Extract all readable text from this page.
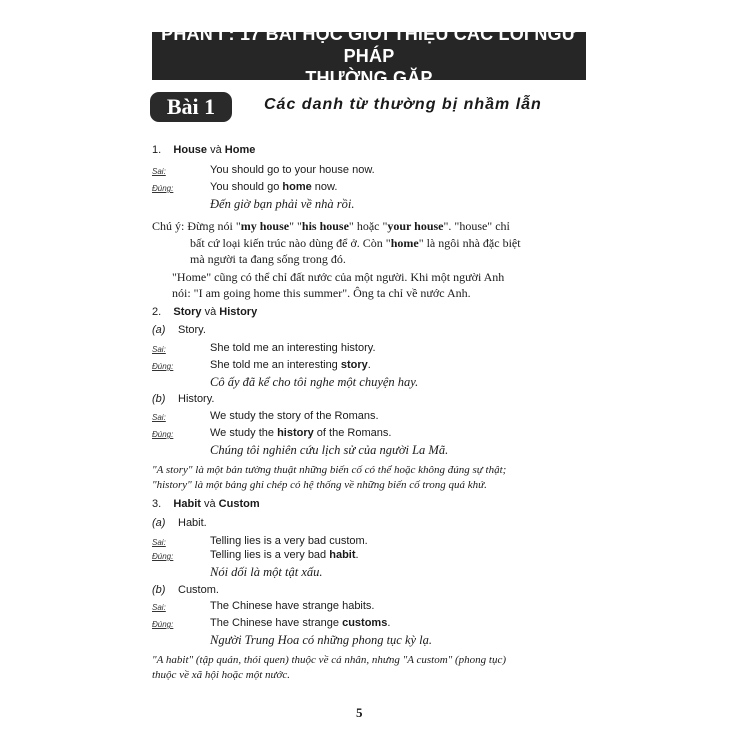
PHẦN I : 17 BÀI HỌC GIỚI THIỆU CÁC LỖI NGỮ PHÁP
THƯỜNG GẶP
Bài 1	Các danh từ thường bị nhầm lẫn
1. House và Home
Sai:	You should go to your house now.
Đúng:	You should go home now.
Đến giờ bạn phải về nhà rồi.
Chú ý: Đừng nói "my house" "his house" hoặc "your house". "house" chỉ
bất cứ loại kiến trúc nào dùng để ở. Còn "home" là ngôi nhà đặc biệt
mà người ta đang sống trong đó.
"Home" cũng có thể chỉ đất nước của một người. Khi một người Anh
nói: "I am going home this summer". Ông ta chỉ về nước Anh.
2. Story và History
(a) Story.
Sai:	She told me an interesting history.
Đúng:	She told me an interesting story.
Cô ấy đã kể cho tôi nghe một chuyện hay.
(b) History.
Sai:	We study the story of the Romans.
Đúng:	We study the history of the Romans.
Chúng tôi nghiên cứu lịch sử của người La Mã.
"A story" là một bản tường thuật những biến cố có thể hoặc không đúng sự thật;
"history" là một bảng ghi chép có hệ thống về những biến cố trong quá khứ.
3. Habit và Custom
(a) Habit.
Sai:	Telling lies is a very bad custom.
Đúng:	Telling lies is a very bad habit.
Nói dối là một tật xấu.
(b) Custom.
Sai:	The Chinese have strange habits.
Đúng:	The Chinese have strange customs.
Người Trung Hoa có những phong tục kỳ lạ.
"A habit" (tập quán, thói quen) thuộc về cá nhân, nhưng "A custom" (phong tục)
thuộc về xã hội hoặc một nước.
5
